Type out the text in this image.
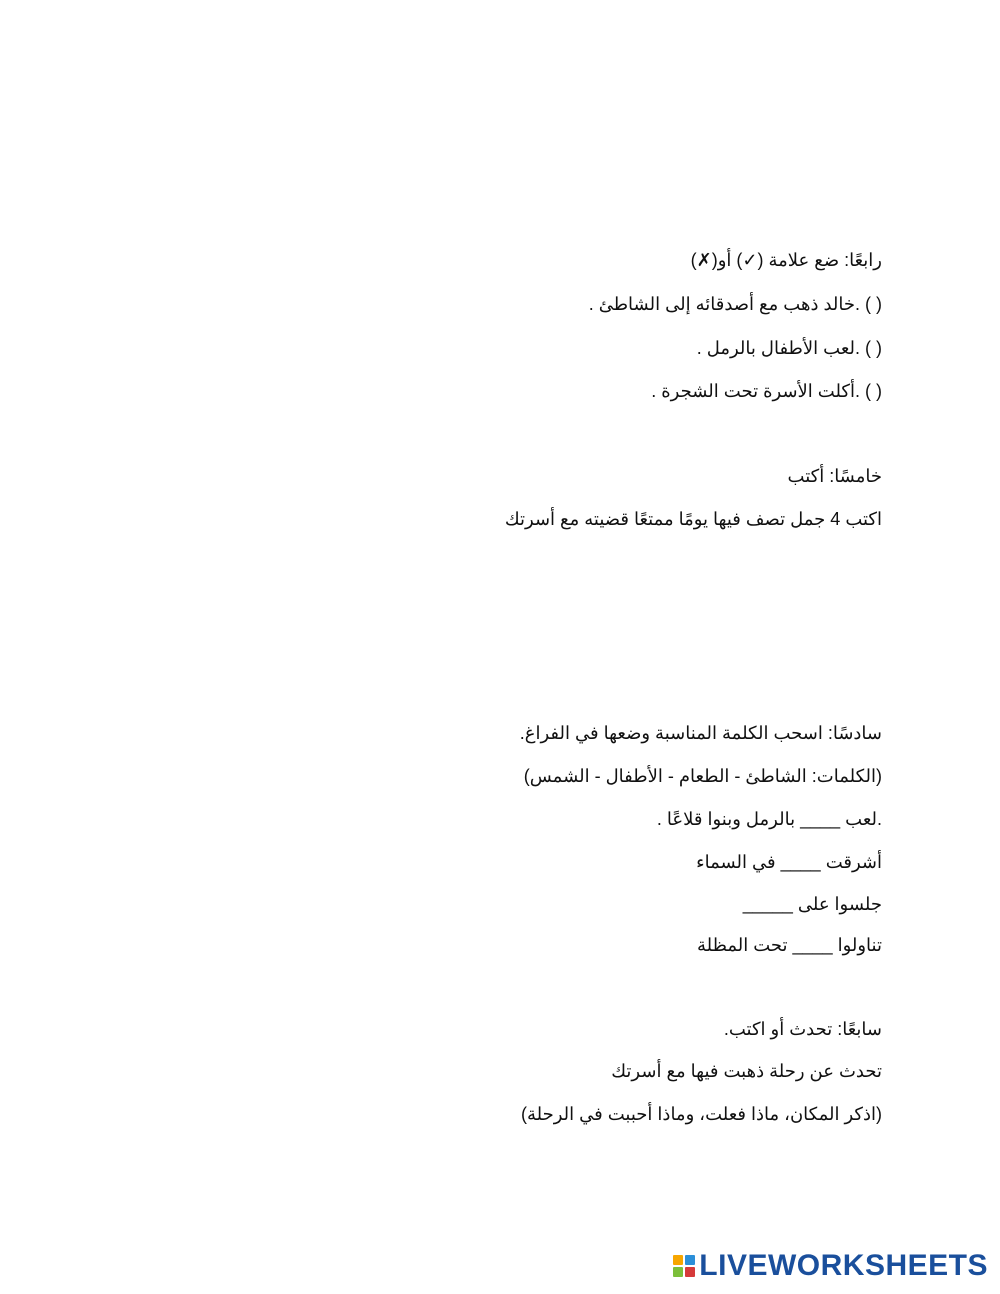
رابعًا: ضع علامة (✓) أو(✗)
( ) .خالد ذهب مع أصدقائه إلى الشاطئ .
( ) .لعب الأطفال بالرمل .
( ) .أكلت الأسرة تحت الشجرة .
خامسًا: أكتب
اكتب 4 جمل تصف فيها يومًا ممتعًا قضيته مع أسرتك
سادسًا: اسحب الكلمة المناسبة وضعها في الفراغ.
(الكلمات: الشاطئ - الطعام - الأطفال - الشمس)
.لعب ____ بالرمل وبنوا قلاعًا .
أشرقت ____ في السماء
جلسوا على _____
تناولوا ____ تحت المظلة
سابعًا: تحدث أو اكتب.
تحدث عن رحلة ذهبت فيها مع أسرتك
(اذكر المكان، ماذا فعلت، وماذا أحببت في الرحلة)
LIVEWORKSHEETS
